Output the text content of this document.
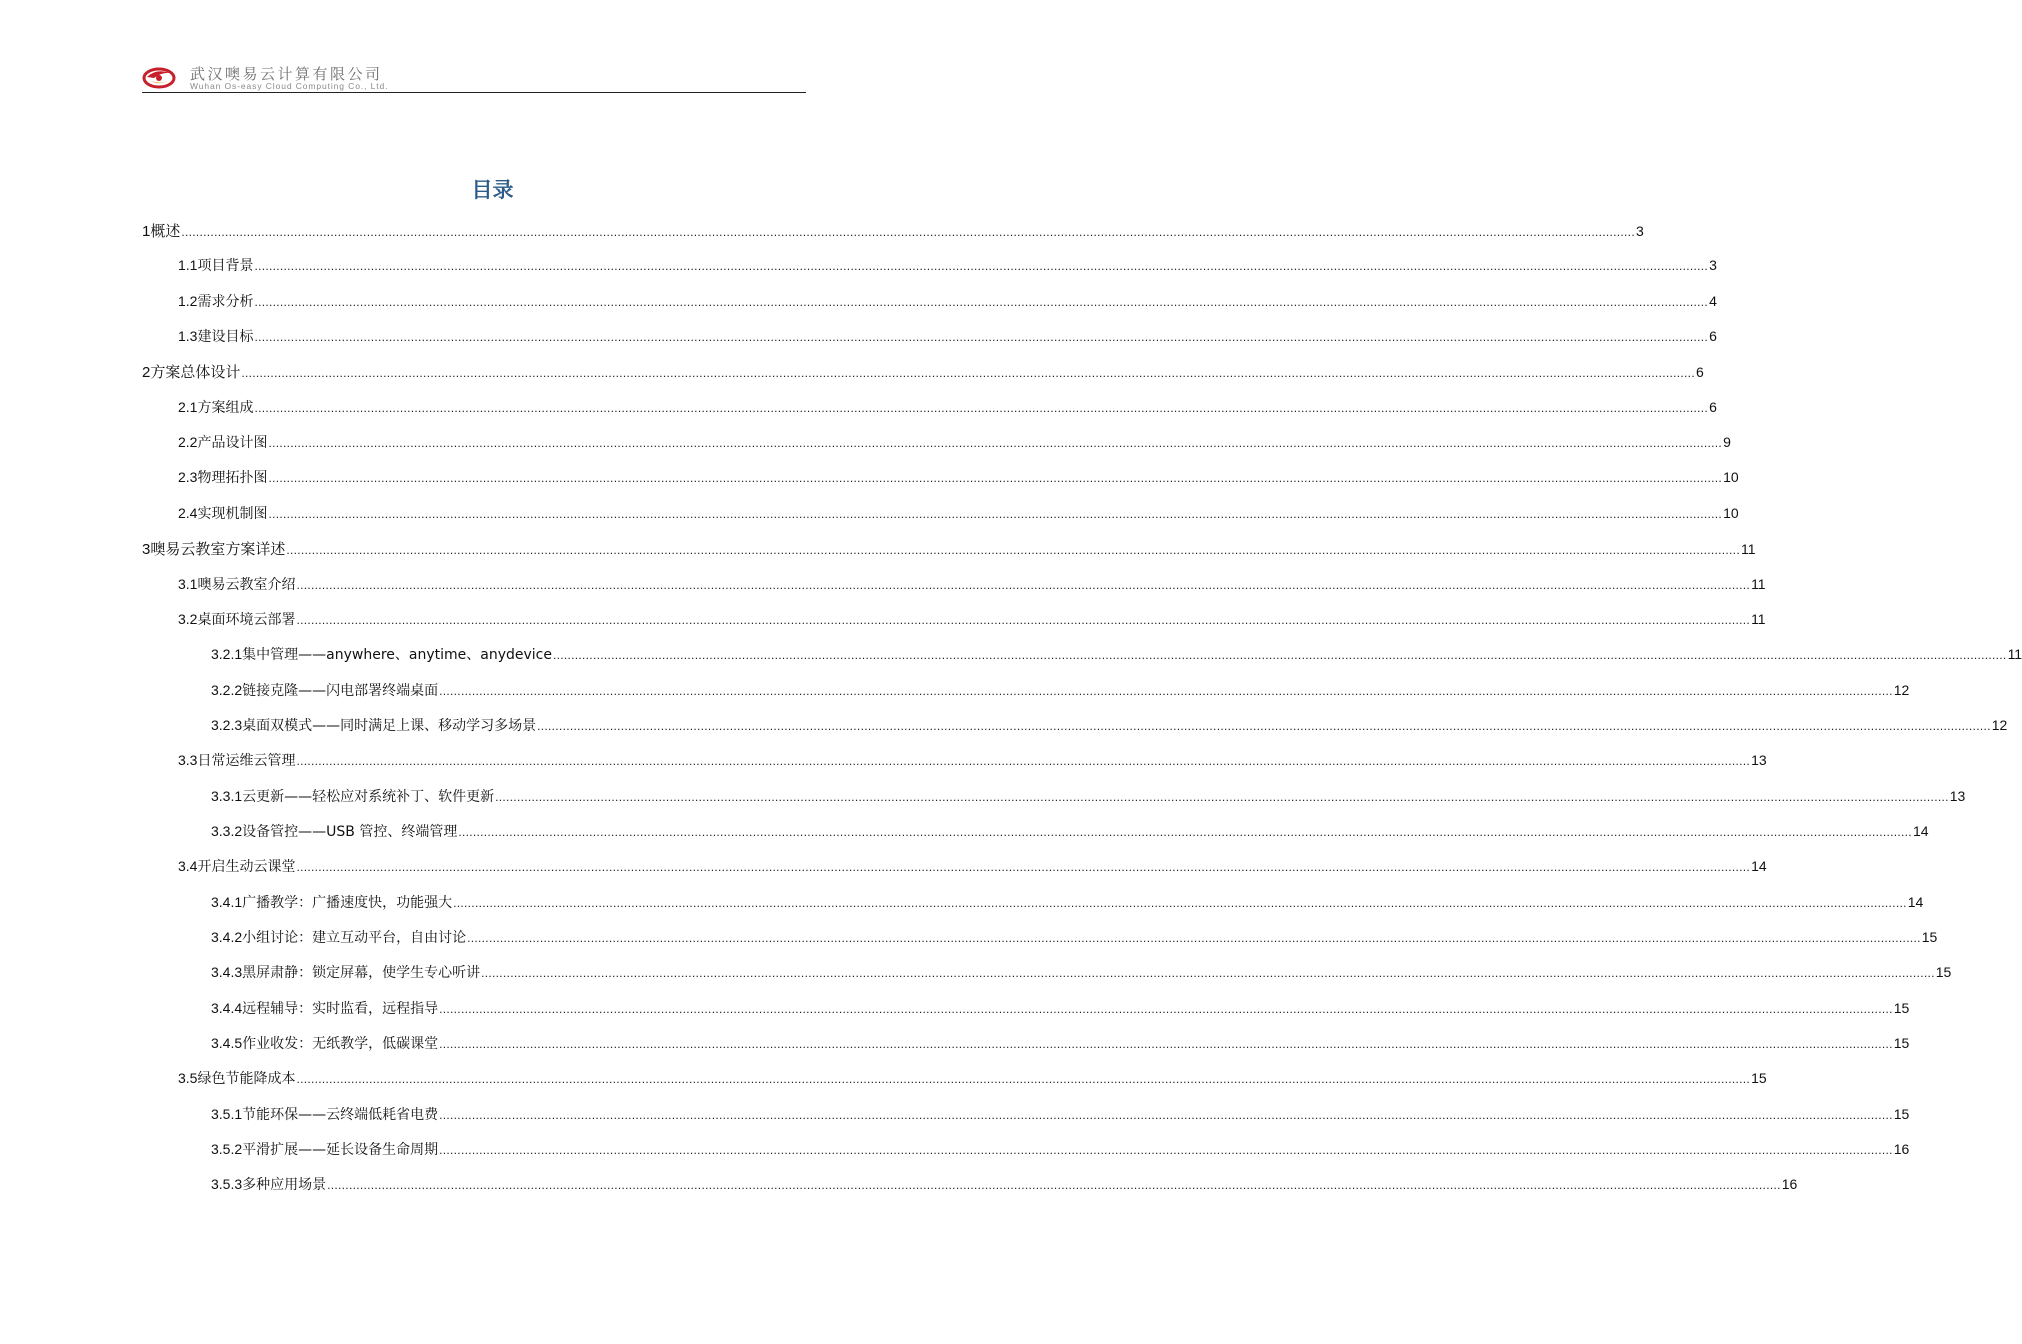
武汉噢易云计算有限公司
Wuhan Os-easy Cloud Computing Co., Ltd.
目录
1 概述 ................................................................................................................................................................................................................................................................................................................................................................................................................ 3
1.1 项目背景 ................................................................................................................................................................................................................................................................................................................................................................................................................ 3
1.2 需求分析 ................................................................................................................................................................................................................................................................................................................................................................................................................ 4
1.3 建设目标 ................................................................................................................................................................................................................................................................................................................................................................................................................ 6
2 方案总体设计 ................................................................................................................................................................................................................................................................................................................................................................................................................ 6
2.1 方案组成 ................................................................................................................................................................................................................................................................................................................................................................................................................ 6
2.2 产品设计图 ................................................................................................................................................................................................................................................................................................................................................................................................................ 9
2.3 物理拓扑图 ................................................................................................................................................................................................................................................................................................................................................................................................................ 10
2.4 实现机制图 ................................................................................................................................................................................................................................................................................................................................................................................................................ 10
3 噢易云教室方案详述 ................................................................................................................................................................................................................................................................................................................................................................................................................ 11
3.1 噢易云教室介绍 ................................................................................................................................................................................................................................................................................................................................................................................................................ 11
3.2 桌面环境云部署 ................................................................................................................................................................................................................................................................................................................................................................................................................ 11
3.2.1 集中管理——anywhere、anytime、anydevice ................................................................................................................................................................................................................................................................................................................................................................................................................ 11
3.2.2 链接克隆——闪电部署终端桌面 ................................................................................................................................................................................................................................................................................................................................................................................................................ 12
3.2.3 桌面双模式——同时满足上课、移动学习多场景 ................................................................................................................................................................................................................................................................................................................................................................................................................ 12
3.3 日常运维云管理 ................................................................................................................................................................................................................................................................................................................................................................................................................ 13
3.3.1 云更新——轻松应对系统补丁、软件更新 ................................................................................................................................................................................................................................................................................................................................................................................................................ 13
3.3.2 设备管控——USB 管控、终端管理 ................................................................................................................................................................................................................................................................................................................................................................................................................ 14
3.4 开启生动云课堂 ................................................................................................................................................................................................................................................................................................................................................................................................................ 14
3.4.1 广播教学：广播速度快，功能强大 ................................................................................................................................................................................................................................................................................................................................................................................................................ 14
3.4.2 小组讨论：建立互动平台，自由讨论 ................................................................................................................................................................................................................................................................................................................................................................................................................ 15
3.4.3 黑屏肃静：锁定屏幕，使学生专心听讲 ................................................................................................................................................................................................................................................................................................................................................................................................................ 15
3.4.4 远程辅导：实时监看，远程指导 ................................................................................................................................................................................................................................................................................................................................................................................................................ 15
3.4.5 作业收发：无纸教学，低碳课堂 ................................................................................................................................................................................................................................................................................................................................................................................................................ 15
3.5 绿色节能降成本 ................................................................................................................................................................................................................................................................................................................................................................................................................ 15
3.5.1 节能环保——云终端低耗省电费 ................................................................................................................................................................................................................................................................................................................................................................................................................ 15
3.5.2 平滑扩展——延长设备生命周期 ................................................................................................................................................................................................................................................................................................................................................................................................................ 16
3.5.3 多种应用场景 ................................................................................................................................................................................................................................................................................................................................................................................................................ 16
